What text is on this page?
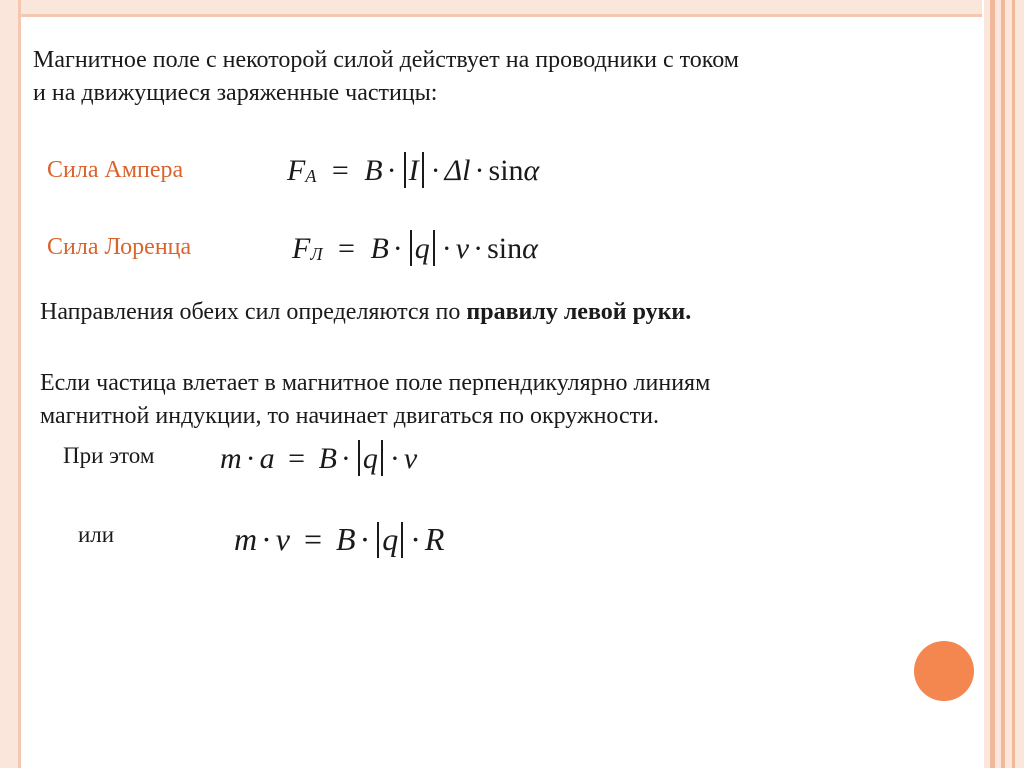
Магнитное поле с некоторой силой действует на проводники с током
и на движущиеся заряженные частицы:
Сила Ампера	$F_A = B \cdot I \cdot \Delta l \cdot \sin\alpha$
Сила Лоренца	$F_Л = B \cdot q \cdot v \cdot \sin\alpha$
Направления обеих сил определяются по правилу левой руки.
Если частица влетает в магнитное поле перпендикулярно линиям
магнитной индукции, то начинает двигаться по окружности.
При этом m · a = B · q · v
или	m · v = B · q · R
